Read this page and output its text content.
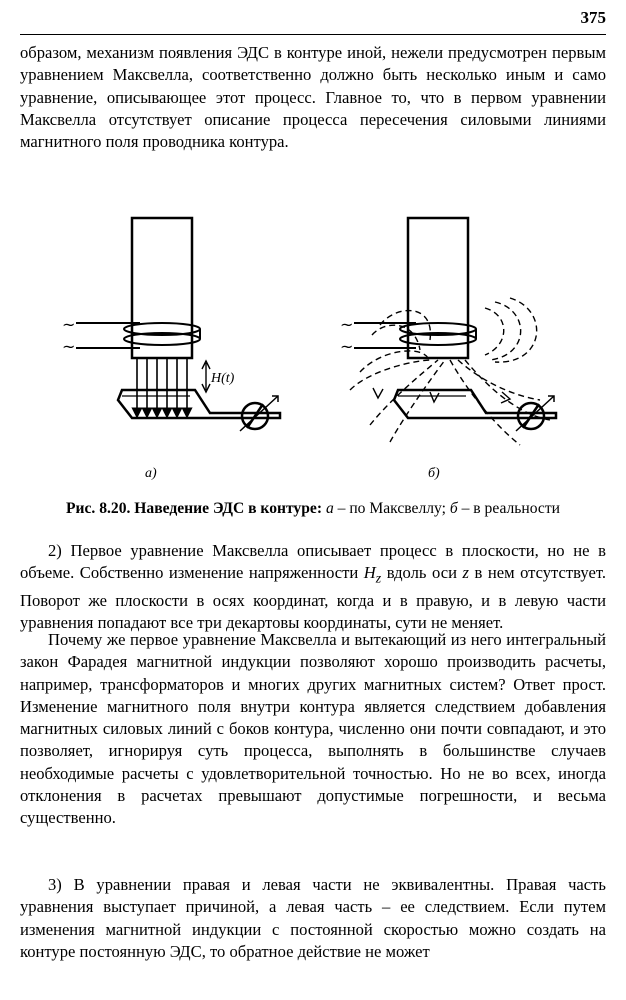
375

образом, механизм появления ЭДС в контуре иной, нежели предусмотрен первым уравнением Максвелла, соответственно должно быть несколько иным и само уравнение, описывающее этот процесс. Главное то, что в первом уравнении Максвелла отсутствует описание процесса пересечения силовыми линиями магнитного поля проводника контура.

~
~
H(t)
а)
~
~
б)
Рис. 8.20. Наведение ЭДС в контуре: а – по Максвеллу; б – в реальности

2) Первое уравнение Максвелла описывает процесс в плоскости, но не в объеме. Собственно изменение напряженности $H_z$ вдоль оси z в нем отсутствует. Поворот же плоскости в осях координат, когда и в правую, и в левую части уравнения попадают все три декартовы координаты, сути не меняет.

Почему же первое уравнение Максвелла и вытекающий из него интегральный закон Фарадея магнитной индукции позволяют хорошо производить расчеты, например, трансформаторов и многих других магнитных систем? Ответ прост. Изменение магнитного поля внутри контура является следствием добавления магнитных силовых линий с боков контура, численно они почти совпадают, и это позволяет, игнорируя суть процесса, выполнять в большинстве случаев необходимые расчеты с удовлетворительной точностью. Но не во всех, иногда отклонения в расчетах превышают допустимые погрешности, и весьма существенно.

3) В уравнении правая и левая части не эквивалентны. Правая часть уравнения выступает причиной, а левая часть – ее следствием. Если путем изменения магнитной индукции с постоянной скоростью можно создать на контуре постоянную ЭДС, то обратное действие не может
